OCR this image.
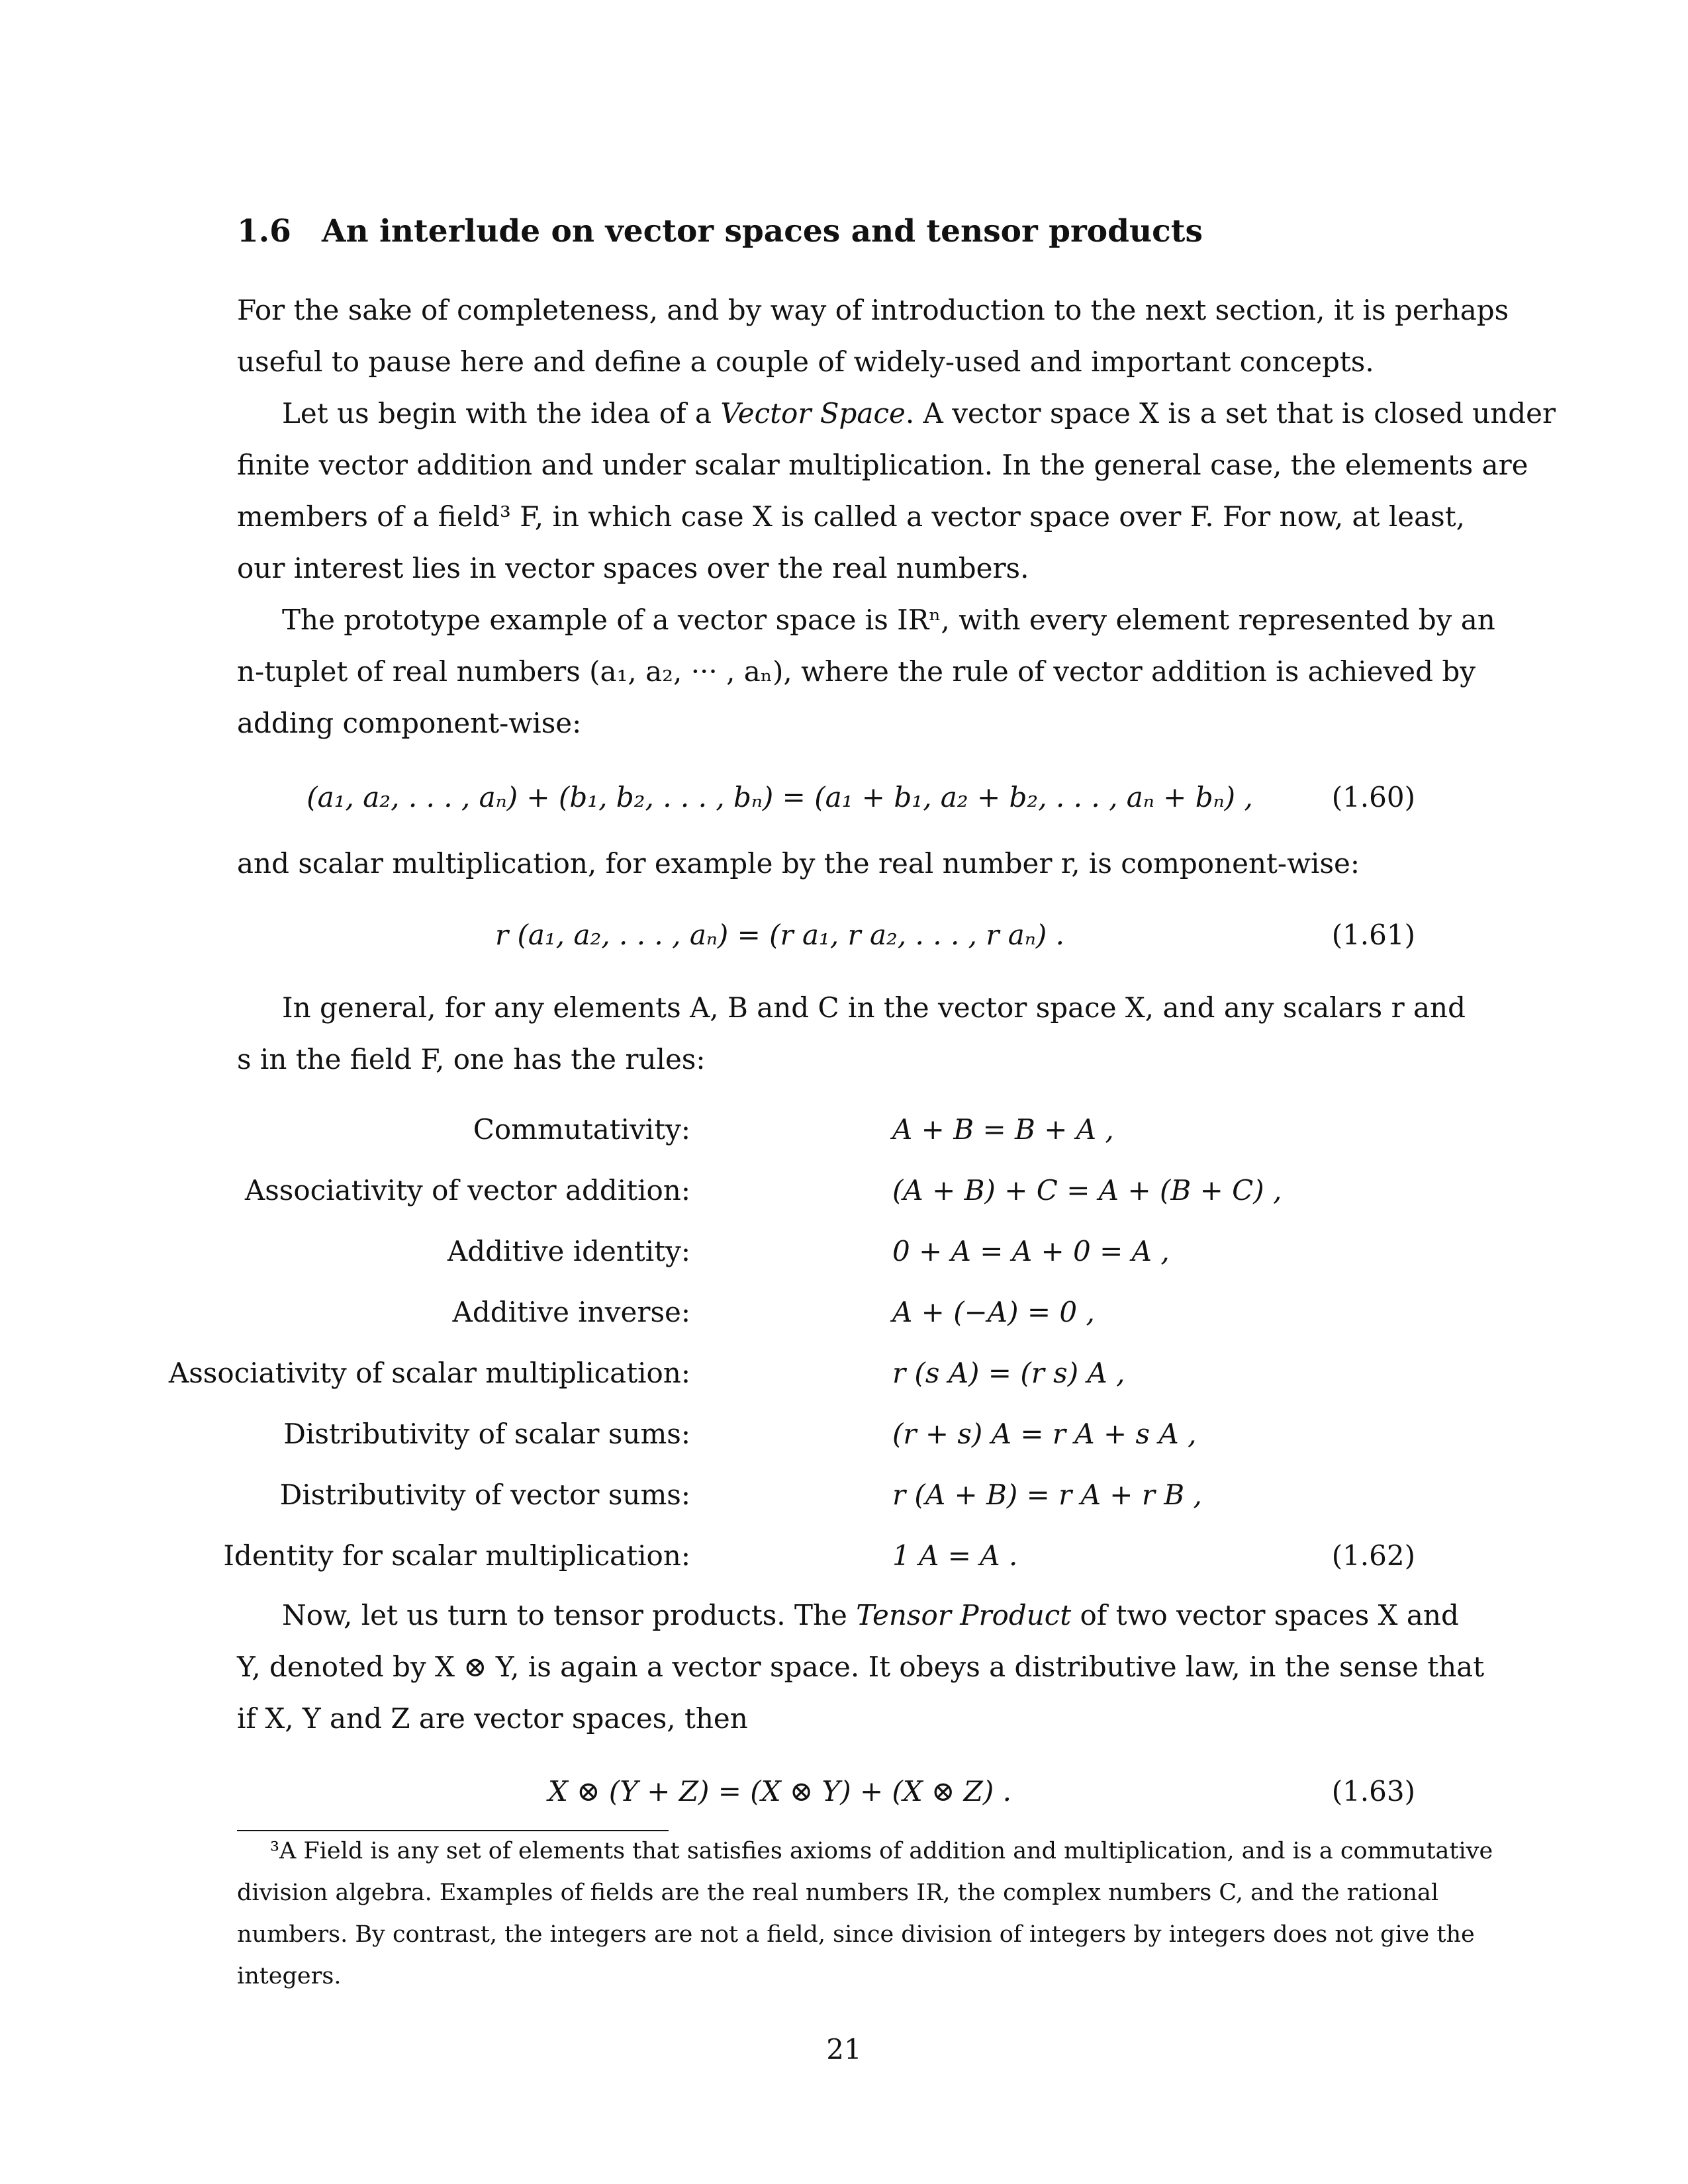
1.6 An interlude on vector spaces and tensor products
For the sake of completeness, and by way of introduction to the next section, it is perhaps
useful to pause here and define a couple of widely-used and important concepts.
Let us begin with the idea of a Vector Space. A vector space X is a set that is closed under
finite vector addition and under scalar multiplication. In the general case, the elements are
members of a field³ F, in which case X is called a vector space over F. For now, at least,
our interest lies in vector spaces over the real numbers.
The prototype example of a vector space is IRⁿ, with every element represented by an
n-tuplet of real numbers (a₁, a₂, ··· , aₙ), where the rule of vector addition is achieved by
adding component-wise:
(a₁, a₂, . . . , aₙ) + (b₁, b₂, . . . , bₙ) = (a₁ + b₁, a₂ + b₂, . . . , aₙ + bₙ) ,	(1.60)
and scalar multiplication, for example by the real number r, is component-wise:
r (a₁, a₂, . . . , aₙ) = (r a₁, r a₂, . . . , r aₙ) .	(1.61)
In general, for any elements A, B and C in the vector space X, and any scalars r and
s in the field F, one has the rules:
Commutativity:	A + B = B + A ,
Associativity of vector addition:	(A + B) + C = A + (B + C) ,
Additive identity:	0 + A = A + 0 = A ,
Additive inverse:	A + (−A) = 0 ,
Associativity of scalar multiplication:	r (s A) = (r s) A ,
Distributivity of scalar sums:	(r + s) A = r A + s A ,
Distributivity of vector sums:	r (A + B) = r A + r B ,
Identity for scalar multiplication:	1 A = A .	(1.62)
Now, let us turn to tensor products. The Tensor Product of two vector spaces X and
Y, denoted by X ⊗ Y, is again a vector space. It obeys a distributive law, in the sense that
if X, Y and Z are vector spaces, then
X ⊗ (Y + Z) = (X ⊗ Y) + (X ⊗ Z) .	(1.63)
³A Field is any set of elements that satisfies axioms of addition and multiplication, and is a commutative
division algebra. Examples of fields are the real numbers IR, the complex numbers C, and the rational
numbers. By contrast, the integers are not a field, since division of integers by integers does not give the
integers.
21
